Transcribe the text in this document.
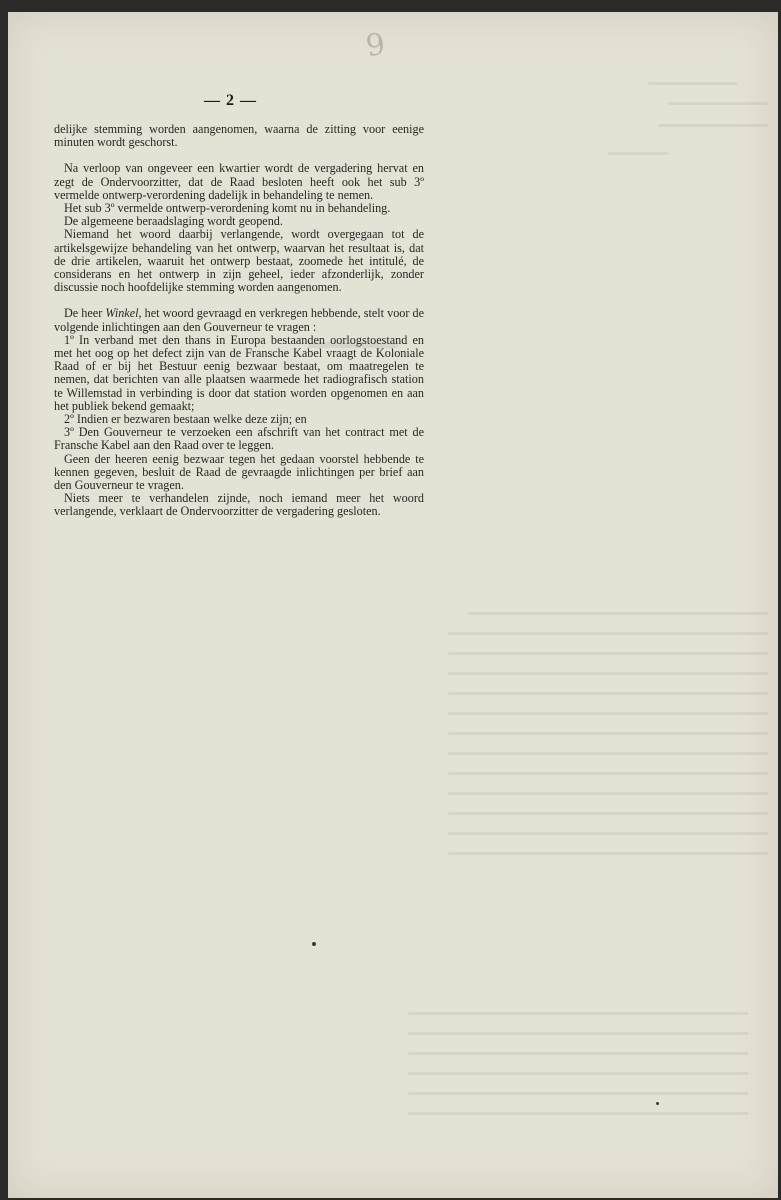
9
— 2 —

delijke stemming worden aangenomen, waarna de zitting voor eenige minuten wordt geschorst.

Na verloop van ongeveer een kwartier wordt de vergadering hervat en zegt de Ondervoorzitter, dat de Raad besloten heeft ook het sub 3º vermelde ontwerp-verordening dadelijk in behandeling te nemen.

Het sub 3º vermelde ontwerp-verordening komt nu in behandeling.

De algemeene beraadslaging wordt geopend.

Niemand het woord daarbij verlangende, wordt overgegaan tot de artikelsgewijze behandeling van het ontwerp, waarvan het resultaat is, dat de drie artikelen, waaruit het ontwerp bestaat, zoomede het intitulé, de considerans en het ontwerp in zijn geheel, ieder afzonderlijk, zonder discussie noch hoofdelijke stemming worden aangenomen.

De heer Winkel, het woord gevraagd en verkregen hebbende, stelt voor de volgende inlichtingen aan den Gouverneur te vragen :

1º In verband met den thans in Europa bestaanden oorlogstoestand en met het oog op het defect zijn van de Fransche Kabel vraagt de Koloniale Raad of er bij het Bestuur eenig bezwaar bestaat, om maatregelen te nemen, dat berichten van alle plaatsen waarmede het radiografisch station te Willemstad in verbinding is door dat station worden opgenomen en aan het publiek bekend gemaakt;

2º Indien er bezwaren bestaan welke deze zijn; en

3º Den Gouverneur te verzoeken een afschrift van het contract met de Fransche Kabel aan den Raad over te leggen.

Geen der heeren eenig bezwaar tegen het gedaan voorstel hebbende te kennen gegeven, besluit de Raad de gevraagde inlichtingen per brief aan den Gouverneur te vragen.

Niets meer te verhandelen zijnde, noch iemand meer het woord verlangende, verklaart de Ondervoorzitter de vergadering gesloten.
